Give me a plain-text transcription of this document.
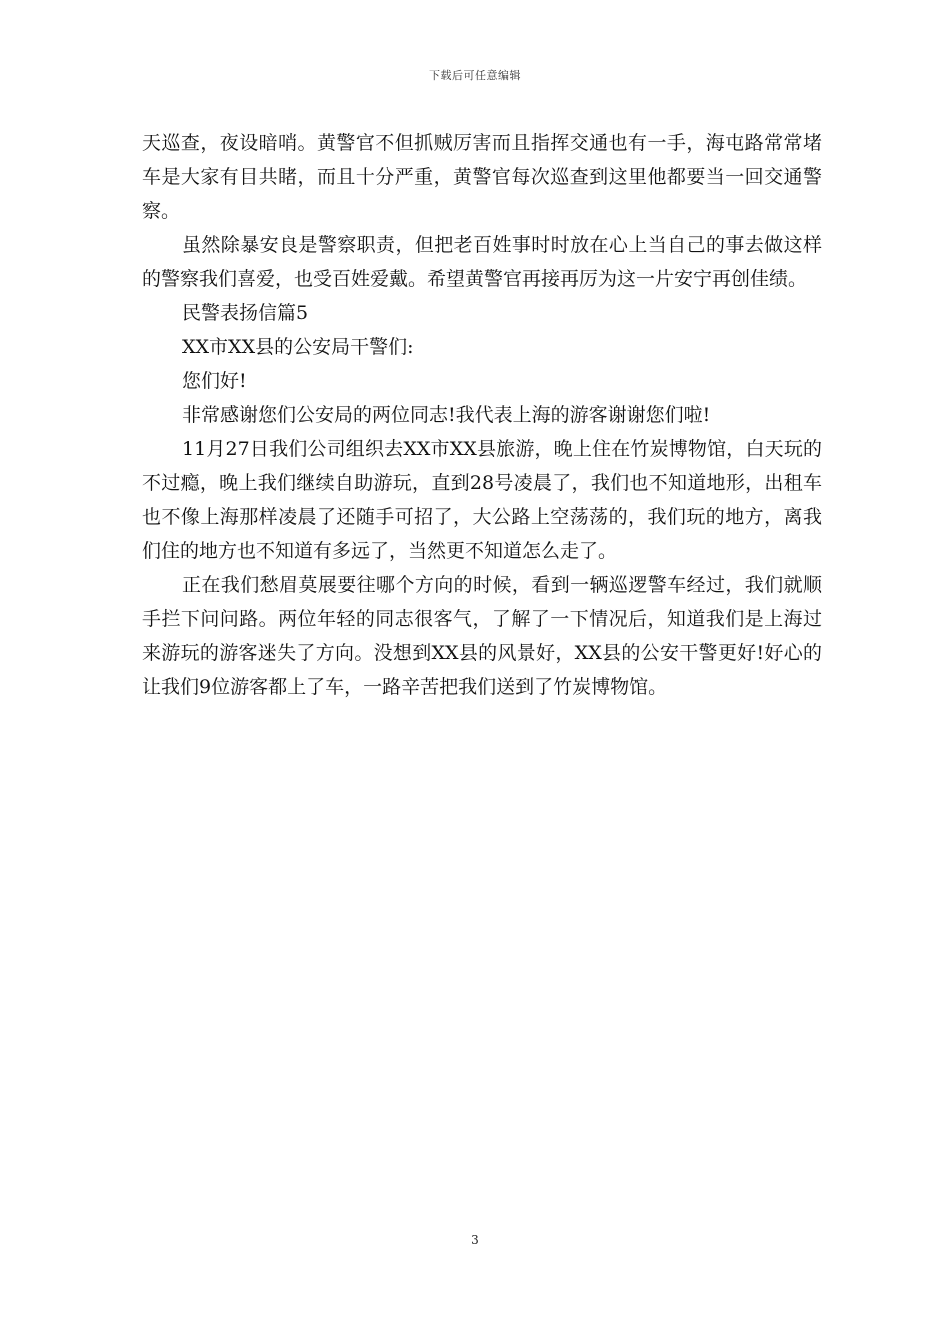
下载后可任意编辑

天巡查，夜设暗哨。黄警官不但抓贼厉害而且指挥交通也有一手，海屯路常常堵车是大家有目共睹，而且十分严重，黄警官每次巡查到这里他都要当一回交通警察。

虽然除暴安良是警察职责，但把老百姓事时时放在心上当自己的事去做这样的警察我们喜爱，也受百姓爱戴。希望黄警官再接再厉为这一片安宁再创佳绩。

民警表扬信篇5

XX市XX县的公安局干警们:

您们好!

非常感谢您们公安局的两位同志!我代表上海的游客谢谢您们啦!

11月27日我们公司组织去XX市XX县旅游，晚上住在竹炭博物馆，白天玩的不过瘾，晚上我们继续自助游玩，直到28号凌晨了，我们也不知道地形，出租车也不像上海那样凌晨了还随手可招了，大公路上空荡荡的，我们玩的地方，离我们住的地方也不知道有多远了，当然更不知道怎么走了。

正在我们愁眉莫展要往哪个方向的时候，看到一辆巡逻警车经过，我们就顺手拦下问问路。两位年轻的同志很客气，了解了一下情况后，知道我们是上海过来游玩的游客迷失了方向。没想到XX县的风景好，XX县的公安干警更好!好心的让我们9位游客都上了车，一路辛苦把我们送到了竹炭博物馆。

3
